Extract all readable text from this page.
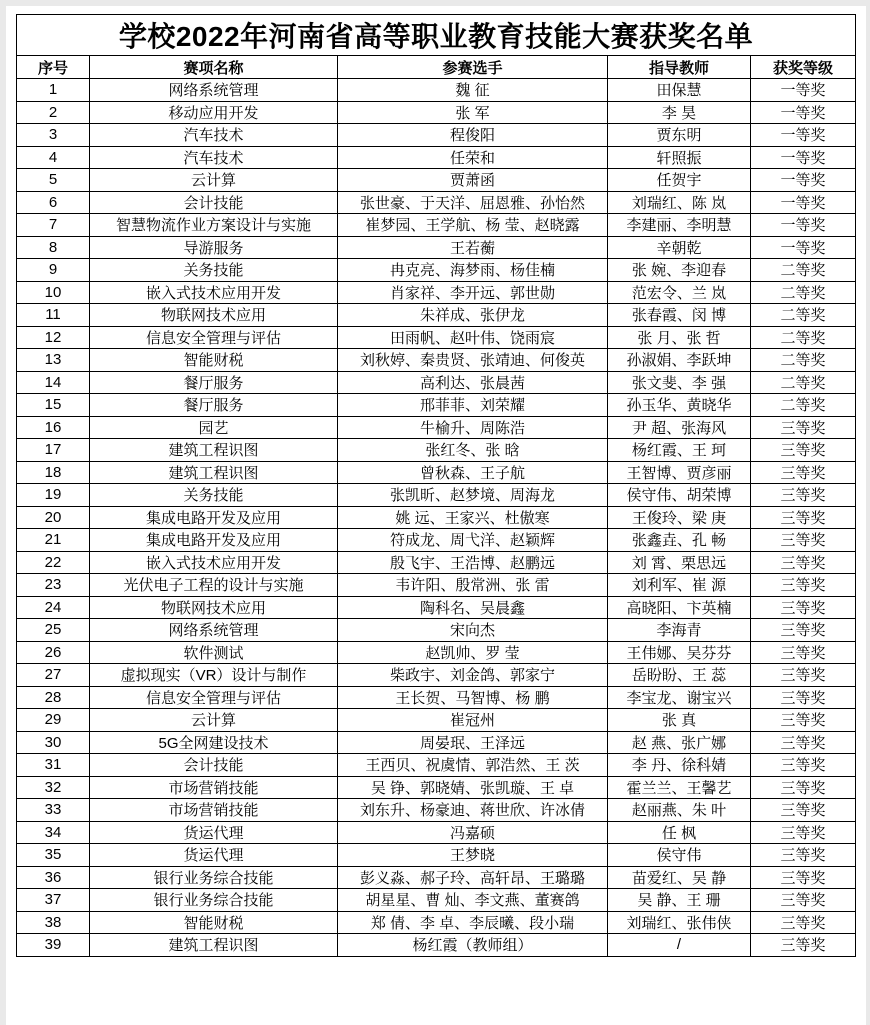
学校2022年河南省高等职业教育技能大赛获奖名单				
序号	赛项名称	参赛选手	指导教师	获奖等级
1	网络系统管理	魏 征	田保慧	一等奖
2	移动应用开发	张 军	李 昊	一等奖
3	汽车技术	程俊阳	贾东明	一等奖
4	汽车技术	任荣和	轩照振	一等奖
5	云计算	贾萧函	任贺宇	一等奖
6	会计技能	张世豪、于天洋、屈恩雅、孙怡然	刘瑞红、陈 岚	一等奖
7	智慧物流作业方案设计与实施	崔梦园、王学航、杨 莹、赵晓露	李建丽、李明慧	一等奖
8	导游服务	王若蘅	辛朝乾	一等奖
9	关务技能	冉克亮、海梦雨、杨佳楠	张 婉、李迎春	二等奖
10	嵌入式技术应用开发	肖家祥、李开远、郭世勋	范宏令、兰 岚	二等奖
11	物联网技术应用	朱祥成、张伊龙	张春霞、闵 博	二等奖
12	信息安全管理与评估	田雨帆、赵叶伟、饶雨宸	张 月、张 哲	二等奖
13	智能财税	刘秋婷、秦贵贤、张靖迪、何俊英	孙淑娟、李跃坤	二等奖
14	餐厅服务	高利达、张晨茜	张文斐、李 强	二等奖
15	餐厅服务	邢菲菲、刘荣耀	孙玉华、黄晓华	二等奖
16	园艺	牛榆升、周陈浩	尹 超、张海风	三等奖
17	建筑工程识图	张红冬、张 晗	杨红霞、王 珂	三等奖
18	建筑工程识图	曾秋森、王子航	王智博、贾彦丽	三等奖
19	关务技能	张凯昕、赵梦境、周海龙	侯守伟、胡荣博	三等奖
20	集成电路开发及应用	姚 远、王家兴、杜傲寒	王俊玲、梁 庚	三等奖
21	集成电路开发及应用	符成龙、周弋洋、赵颖辉	张鑫垚、孔 畅	三等奖
22	嵌入式技术应用开发	殷飞宇、王浩博、赵鹏远	刘 霄、栗思远	三等奖
23	光伏电子工程的设计与实施	韦许阳、殷常洲、张 雷	刘利军、崔 源	三等奖
24	物联网技术应用	陶科名、吴晨鑫	高晓阳、卞英楠	三等奖
25	网络系统管理	宋向杰	李海青	三等奖
26	软件测试	赵凯帅、罗 莹	王伟娜、吴芬芬	三等奖
27	虚拟现实（VR）设计与制作	柴政宇、刘金鸽、郭家宁	岳盼盼、王 蕊	三等奖
28	信息安全管理与评估	王长贺、马智博、杨 鹏	李宝龙、谢宝兴	三等奖
29	云计算	崔冠州	张 真	三等奖
30	5G全网建设技术	周晏珉、王泽远	赵 燕、张广娜	三等奖
31	会计技能	王西贝、祝虞情、郭浩然、王 茨	李 丹、徐科婧	三等奖
32	市场营销技能	吴 铮、郭晓婧、张凯璇、王 卓	霍兰兰、王馨艺	三等奖
33	市场营销技能	刘东升、杨豪迪、蒋世欣、许冰倩	赵丽燕、朱 叶	三等奖
34	货运代理	冯嘉硕	任 枫	三等奖
35	货运代理	王梦晓	侯守伟	三等奖
36	银行业务综合技能	彭义淼、郝子玲、高轩昂、王璐璐	苗爱红、吴 静	三等奖
37	银行业务综合技能	胡星星、曹 灿、李文燕、董赛鸽	吴 静、王 珊	三等奖
38	智能财税	郑 倩、李 卓、李辰曦、段小瑞	刘瑞红、张伟侠	三等奖
39	建筑工程识图	杨红霞（教师组）	/	三等奖
